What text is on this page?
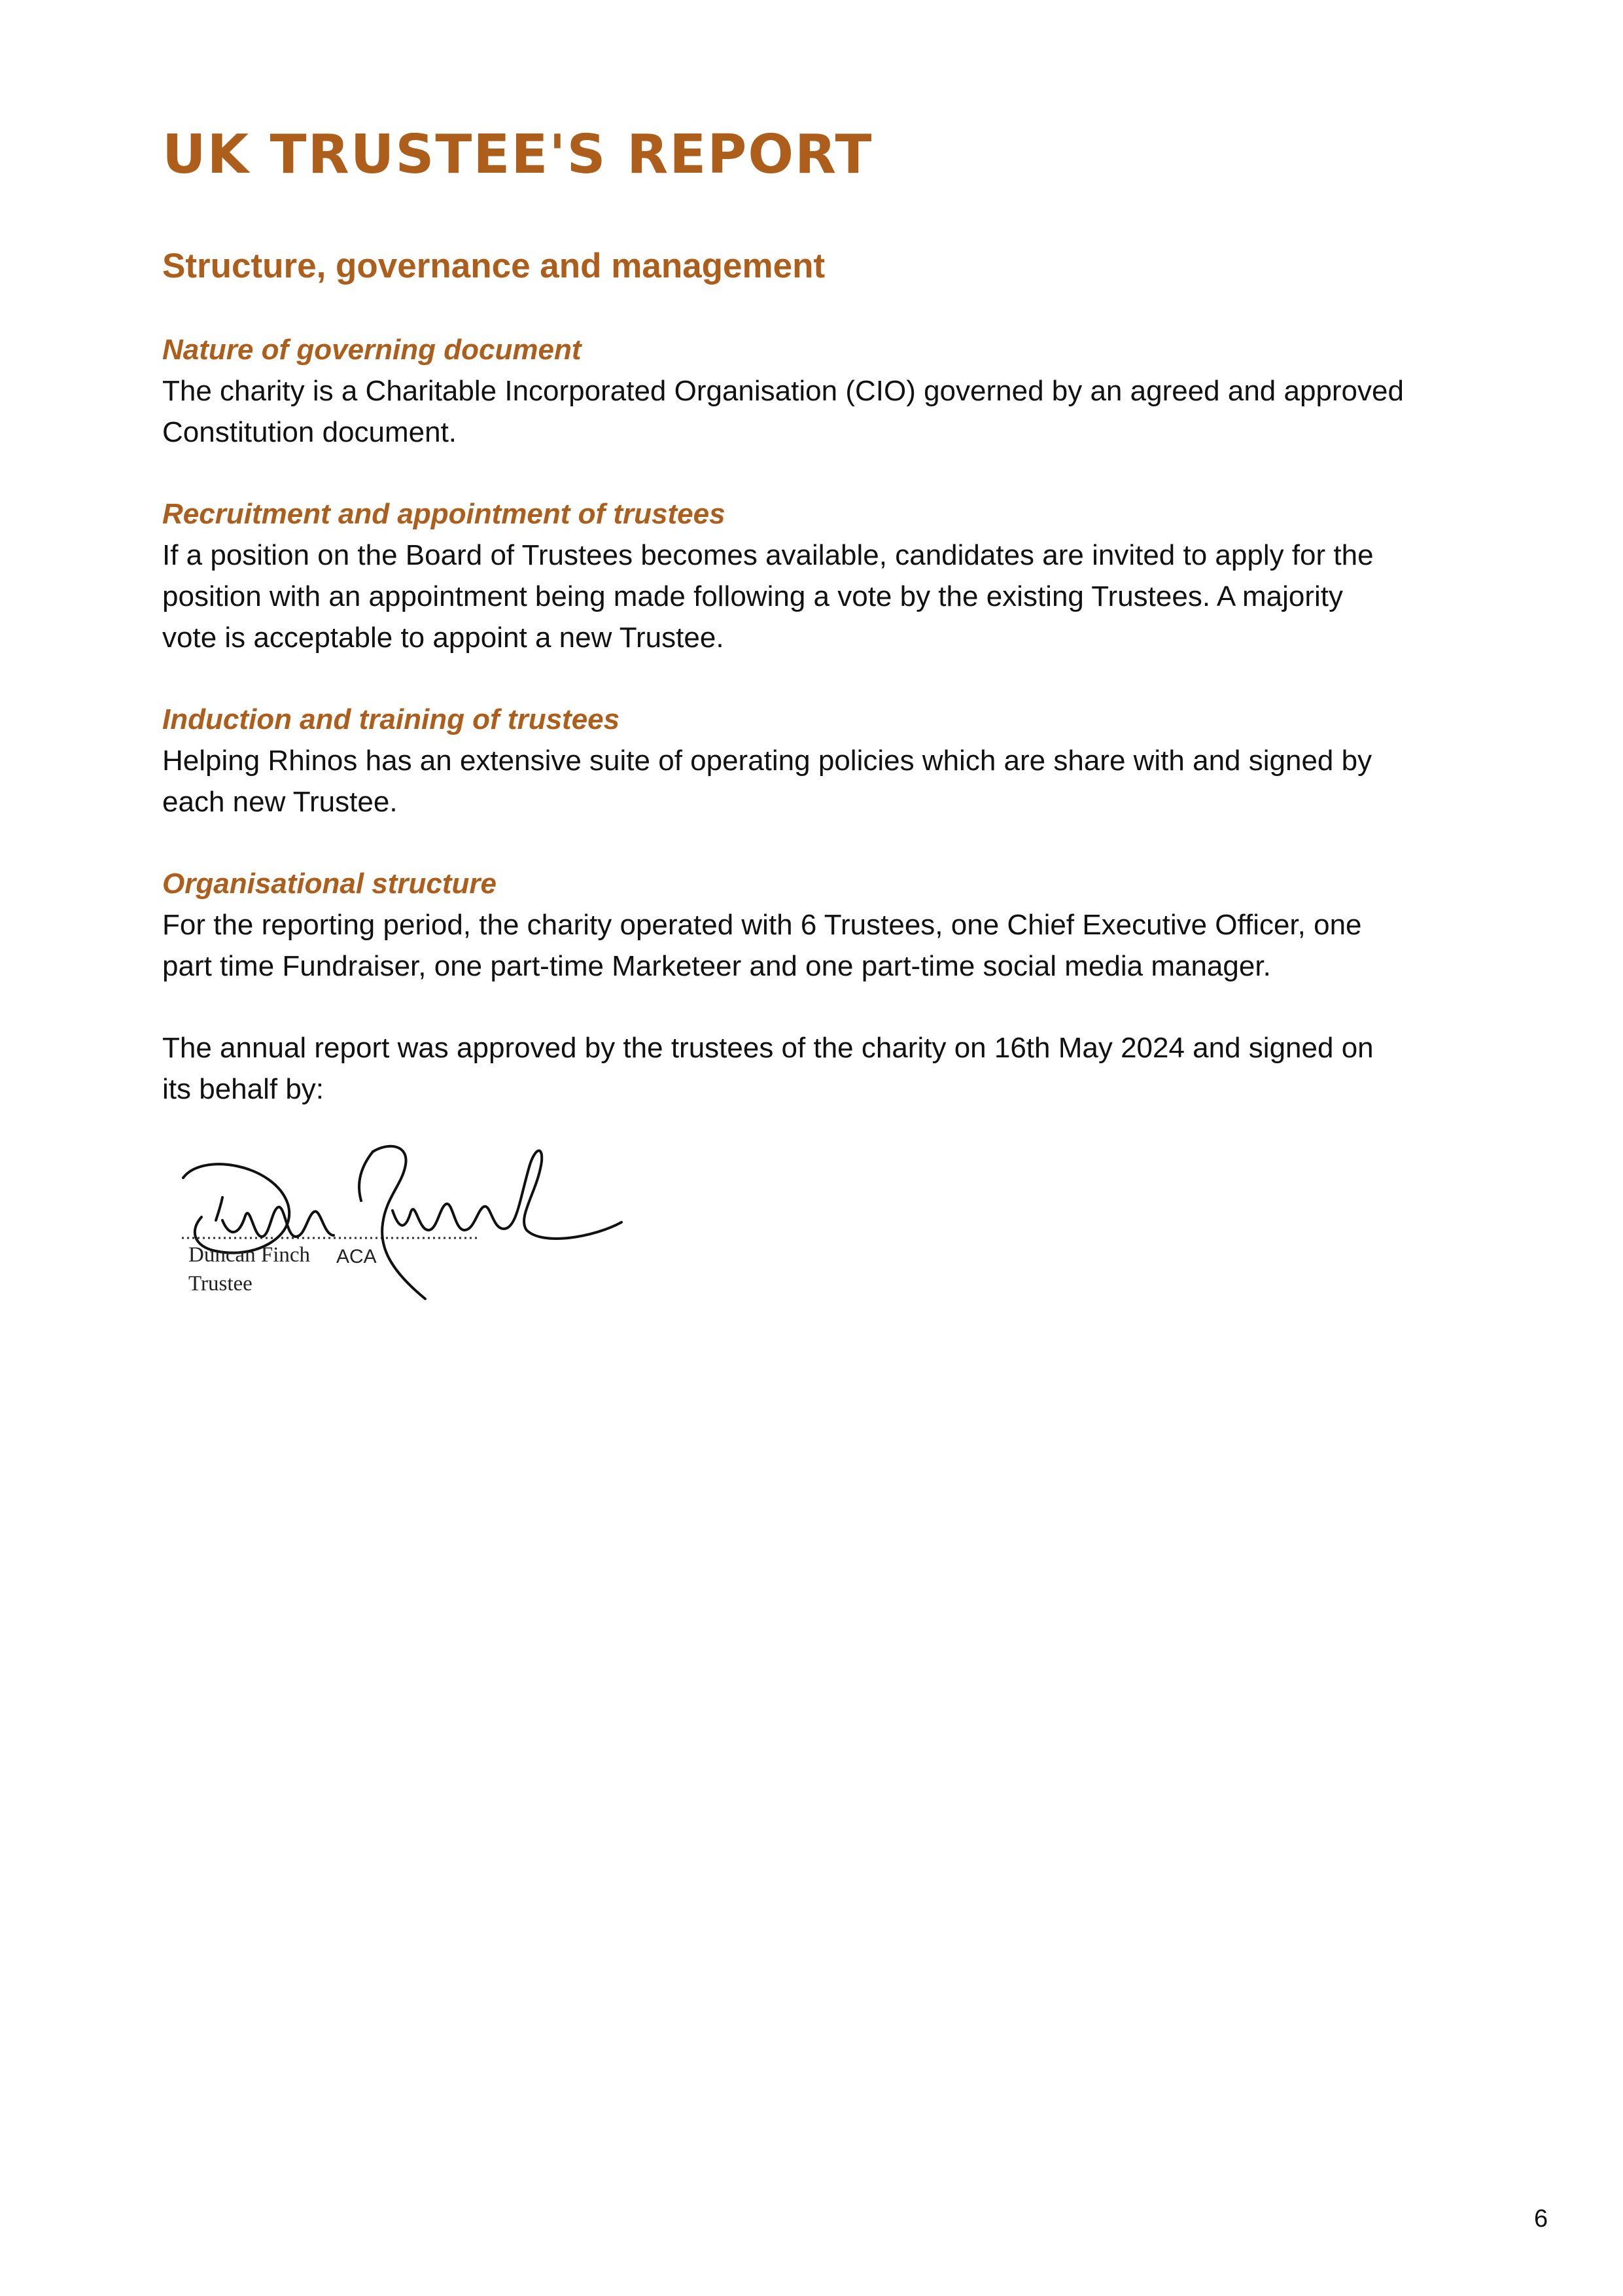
UK TRUSTEE'S REPORT
Structure, governance and management

Nature of governing document

The charity is a Charitable Incorporated Organisation (CIO) governed by an agreed and approved
Constitution document.

Recruitment and appointment of trustees

If a position on the Board of Trustees becomes available, candidates are invited to apply for the
position with an appointment being made following a vote by the existing Trustees. A majority
vote is acceptable to appoint a new Trustee.

Induction and training of trustees

Helping Rhinos has an extensive suite of operating policies which are share with and signed by
each new Trustee.

Organisational structure

For the reporting period, the charity operated with 6 Trustees, one Chief Executive Officer, one
part time Fundraiser, one part-time Marketeer and one part-time social media manager.

The annual report was approved by the trustees of the charity on 16th May 2024 and signed on
its behalf by:

Duncan Finch ACA
Trustee
6
